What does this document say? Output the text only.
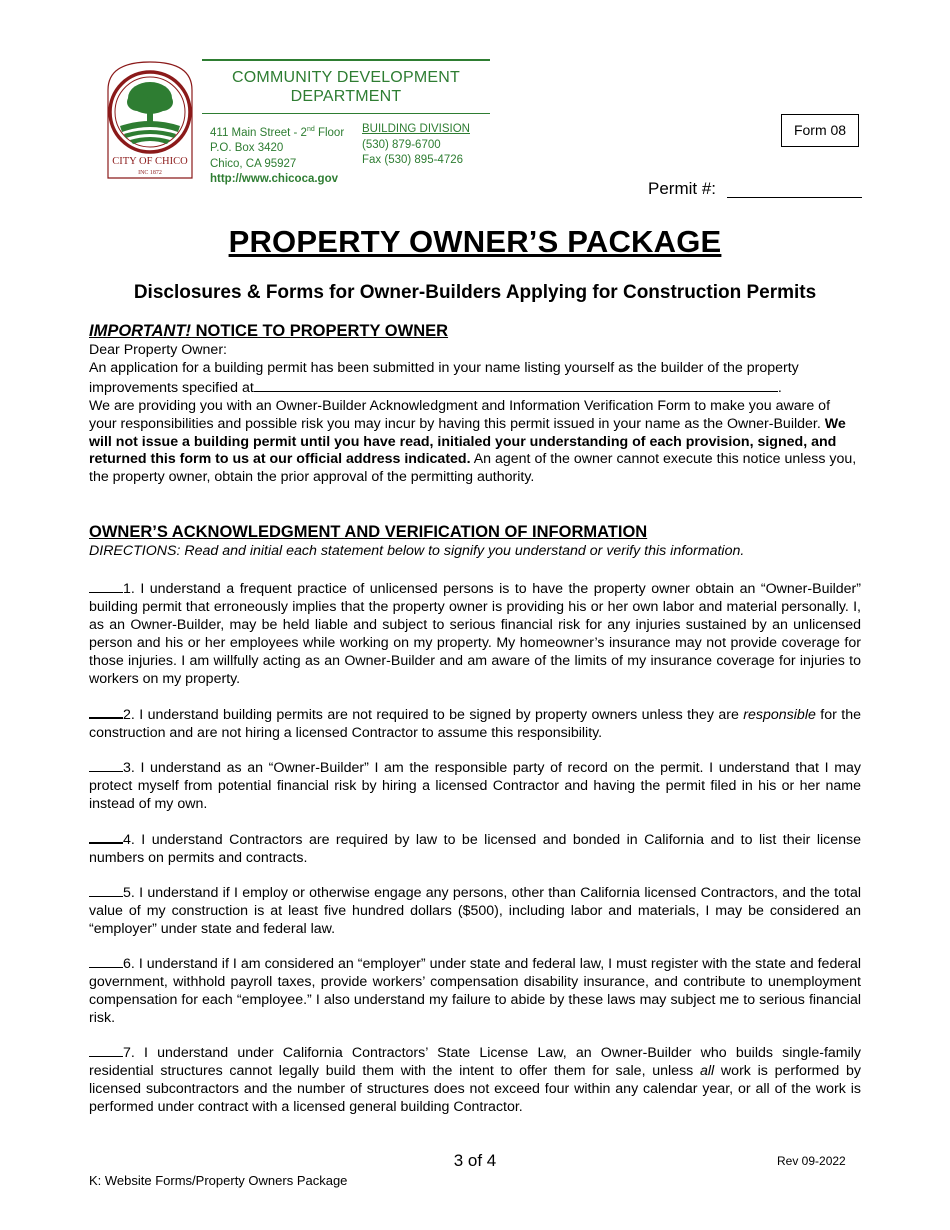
CITY OF CHICO
INC 1872
COMMUNITY DEVELOPMENT DEPARTMENT
411 Main Street - 2nd Floor
P.O. Box 3420
Chico, CA 95927
http://www.chicoca.gov
BUILDING DIVISION
(530) 879-6700
Fax (530) 895-4726
Form 08
Permit #:
PROPERTY OWNER’S PACKAGE
Disclosures & Forms for Owner-Builders Applying for Construction Permits
IMPORTANT! NOTICE TO PROPERTY OWNER
Dear Property Owner:
An application for a building permit has been submitted in your name listing yourself as the builder of the property improvements specified at	.
We are providing you with an Owner-Builder Acknowledgment and Information Verification Form to make you aware of your responsibilities and possible risk you may incur by having this permit issued in your name as the Owner-Builder. We will not issue a building permit until you have read, initialed your understanding of each provision, signed, and returned this form to us at our official address indicated. An agent of the owner cannot execute this notice unless you, the property owner, obtain the prior approval of the permitting authority.
OWNER’S ACKNOWLEDGMENT AND VERIFICATION OF INFORMATION
DIRECTIONS: Read and initial each statement below to signify you understand or verify this information.
1. I understand a frequent practice of unlicensed persons is to have the property owner obtain an “Owner-Builder” building permit that erroneously implies that the property owner is providing his or her own labor and material personally. I, as an Owner-Builder, may be held liable and subject to serious financial risk for any injuries sustained by an unlicensed person and his or her employees while working on my property. My homeowner’s insurance may not provide coverage for those injuries. I am willfully acting as an Owner-Builder and am aware of the limits of my insurance coverage for injuries to workers on my property.
2. I understand building permits are not required to be signed by property owners unless they are responsible for the construction and are not hiring a licensed Contractor to assume this responsibility.
3. I understand as an “Owner-Builder” I am the responsible party of record on the permit. I understand that I may protect myself from potential financial risk by hiring a licensed Contractor and having the permit filed in his or her name instead of my own.
4. I understand Contractors are required by law to be licensed and bonded in California and to list their license numbers on permits and contracts.
5. I understand if I employ or otherwise engage any persons, other than California licensed Contractors, and the total value of my construction is at least five hundred dollars ($500), including labor and materials, I may be considered an “employer” under state and federal law.
6. I understand if I am considered an “employer” under state and federal law, I must register with the state and federal government, withhold payroll taxes, provide workers’ compensation disability insurance, and contribute to unemployment compensation for each “employee.” I also understand my failure to abide by these laws may subject me to serious financial risk.
7. I understand under California Contractors’ State License Law, an Owner-Builder who builds single-family residential structures cannot legally build them with the intent to offer them for sale, unless all work is performed by licensed subcontractors and the number of structures does not exceed four within any calendar year, or all of the work is performed under contract with a licensed general building Contractor.
3 of 4	Rev 09-2022
K: Website Forms/Property Owners Package
